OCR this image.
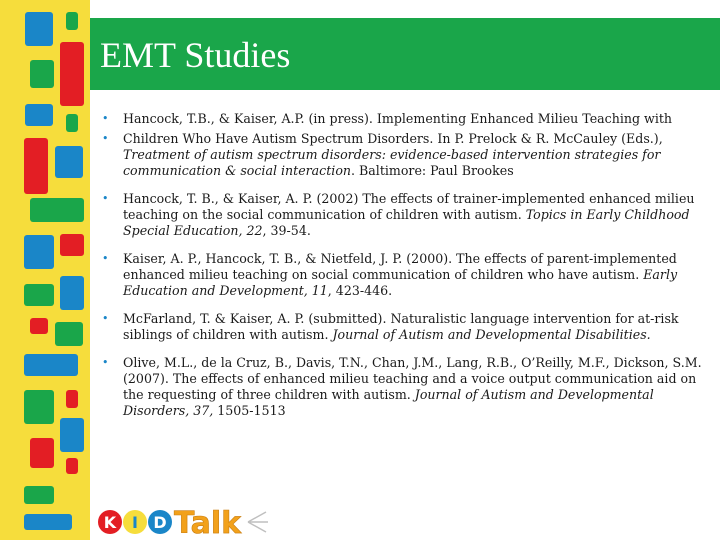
EMT Studies
• Hancock, T.B., & Kaiser, A.P. (in press). Implementing Enhanced Milieu Teaching with
• Children Who Have Autism Spectrum Disorders. In P. Prelock & R. McCauley (Eds.), Treatment of autism spectrum disorders: evidence-based intervention strategies for communication & social interaction. Baltimore: Paul Brookes
• Hancock, T. B., & Kaiser, A. P. (2002) The effects of trainer-implemented enhanced milieu teaching on the social communication of children with autism. Topics in Early Childhood Special Education, 22, 39-54.
• Kaiser, A. P., Hancock, T. B., & Nietfeld, J. P. (2000). The effects of parent-implemented enhanced milieu teaching on social communication of children who have autism. Early Education and Development, 11, 423-446.
• McFarland, T. & Kaiser, A. P. (submitted). Naturalistic language intervention for at-risk siblings of children with autism. Journal of Autism and Developmental Disabilities.
• Olive, M.L., de la Cruz, B., Davis, T.N., Chan, J.M., Lang, R.B., O’Reilly, M.F., Dickson, S.M. (2007). The effects of enhanced milieu teaching and a voice output communication aid on the requesting of three children with autism. Journal of Autism and Developmental Disorders, 37, 1505-1513
K I D Talk
